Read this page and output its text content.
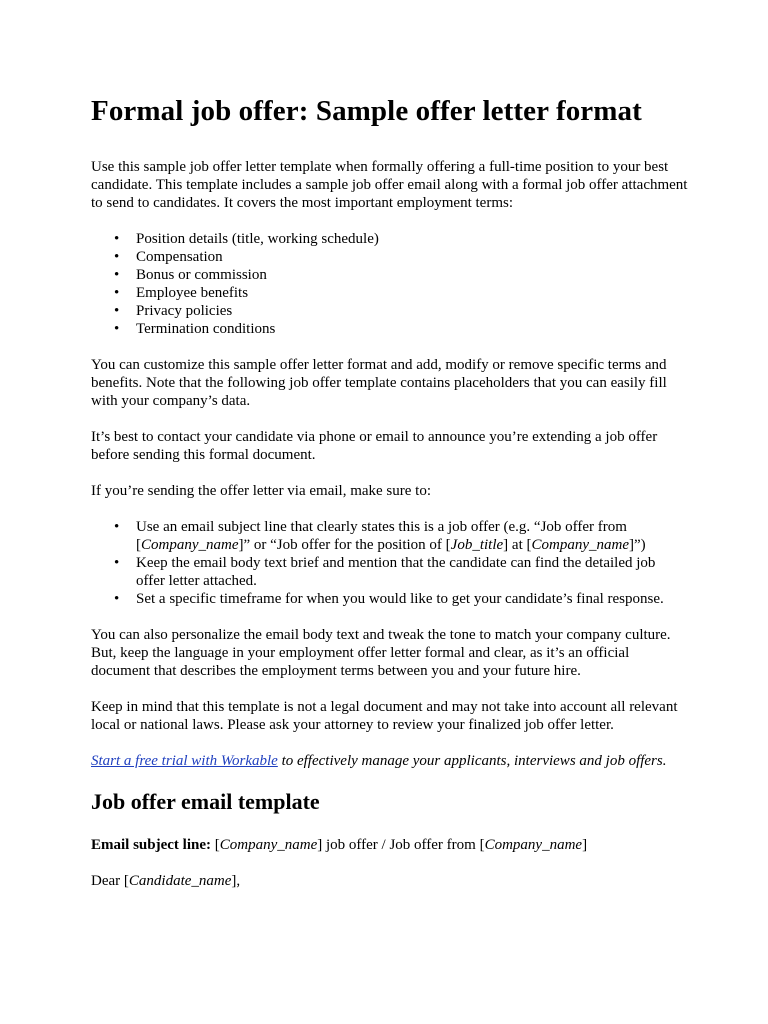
Formal job offer: Sample offer letter format

Use this sample job offer letter template when formally offering a full-time position to your best candidate. This template includes a sample job offer email along with a formal job offer attachment to send to candidates. It covers the most important employment terms:

• Position details (title, working schedule)
• Compensation
• Bonus or commission
• Employee benefits
• Privacy policies
• Termination conditions

You can customize this sample offer letter format and add, modify or remove specific terms and benefits. Note that the following job offer template contains placeholders that you can easily fill with your company’s data.

It’s best to contact your candidate via phone or email to announce you’re extending a job offer before sending this formal document.

If you’re sending the offer letter via email, make sure to:

• Use an email subject line that clearly states this is a job offer (e.g. “Job offer from [Company_name]” or “Job offer for the position of [Job_title] at [Company_name]”)
• Keep the email body text brief and mention that the candidate can find the detailed job offer letter attached.
• Set a specific timeframe for when you would like to get your candidate’s final response.

You can also personalize the email body text and tweak the tone to match your company culture. But, keep the language in your employment offer letter formal and clear, as it’s an official document that describes the employment terms between you and your future hire.

Keep in mind that this template is not a legal document and may not take into account all relevant local or national laws. Please ask your attorney to review your finalized job offer letter.

Start a free trial with Workable to effectively manage your applicants, interviews and job offers.

Job offer email template

Email subject line: [Company_name] job offer / Job offer from [Company_name]

Dear [Candidate_name],
